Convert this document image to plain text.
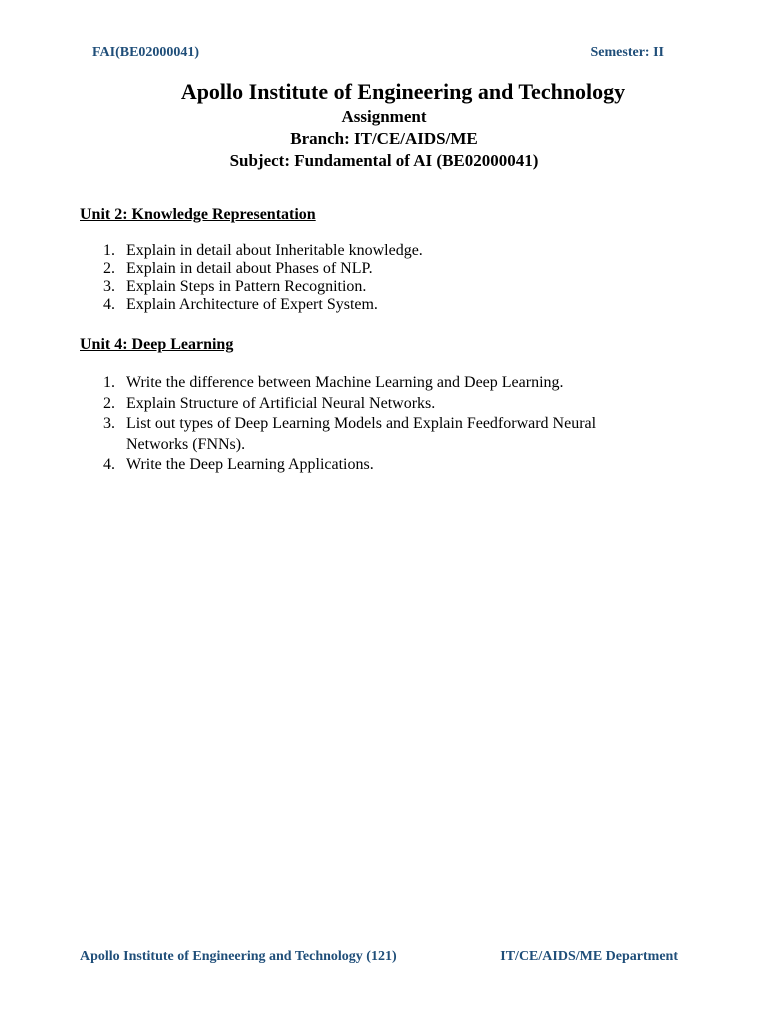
FAI(BE02000041)	Semester: II
Apollo Institute of Engineering and Technology
Assignment
Branch: IT/CE/AIDS/ME
Subject: Fundamental of AI (BE02000041)
Unit 2: Knowledge Representation
1. Explain in detail about Inheritable knowledge.
2. Explain in detail about Phases of NLP.
3. Explain Steps in Pattern Recognition.
4. Explain Architecture of Expert System.
Unit 4: Deep Learning
1. Write the difference between Machine Learning and Deep Learning.
2. Explain Structure of Artificial Neural Networks.
3. List out types of Deep Learning Models and Explain Feedforward Neural Networks (FNNs).
4. Write the Deep Learning Applications.
Apollo Institute of Engineering and Technology (121)	IT/CE/AIDS/ME Department
